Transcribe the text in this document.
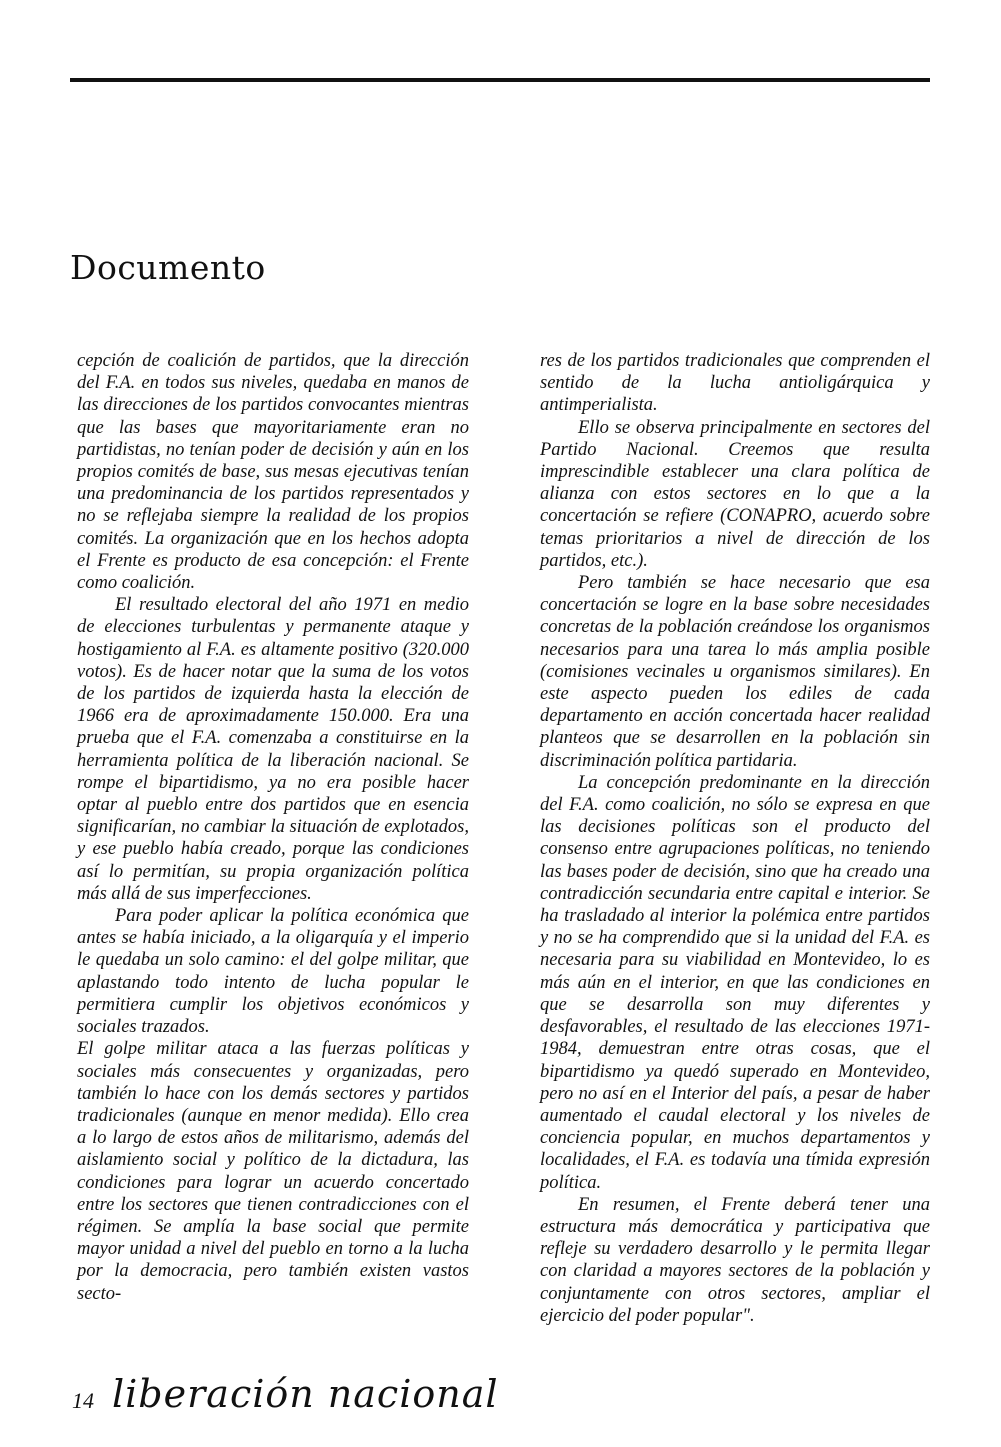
Documento

cepción de coalición de partidos, que la dirección del F.A. en todos sus niveles, quedaba en manos de las direcciones de los partidos convocantes mientras que las bases que mayoritariamente eran no partidistas, no tenían poder de decisión y aún en los propios comités de base, sus mesas ejecutivas tenían una predominancia de los partidos representados y no se reflejaba siempre la realidad de los propios comités. La organización que en los hechos adopta el Frente es producto de esa concepción: el Frente como coalición.

El resultado electoral del año 1971 en medio de elecciones turbulentas y permanente ataque y hostigamiento al F.A. es altamente positivo (320.000 votos). Es de hacer notar que la suma de los votos de los partidos de izquierda hasta la elección de 1966 era de aproximadamente 150.000. Era una prueba que el F.A. comenzaba a constituirse en la herramienta política de la liberación nacional. Se rompe el bipartidismo, ya no era posible hacer optar al pueblo entre dos partidos que en esencia significarían, no cambiar la situación de explotados, y ese pueblo había creado, porque las condiciones así lo permitían, su propia organización política más allá de sus imperfecciones.

Para poder aplicar la política económica que antes se había iniciado, a la oligarquía y el imperio le quedaba un solo camino: el del golpe militar, que aplastando todo intento de lucha popular le permitiera cumplir los objetivos económicos y sociales trazados.

El golpe militar ataca a las fuerzas políticas y sociales más consecuentes y organizadas, pero también lo hace con los demás sectores y partidos tradicionales (aunque en menor medida). Ello crea a lo largo de estos años de militarismo, además del aislamiento social y político de la dictadura, las condiciones para lograr un acuerdo concertado entre los sectores que tienen contradicciones con el régimen. Se amplía la base social que permite mayor unidad a nivel del pueblo en torno a la lucha por la democracia, pero también existen vastos secto-

res de los partidos tradicionales que comprenden el sentido de la lucha antioligárquica y antimperialista.

Ello se observa principalmente en sectores del Partido Nacional. Creemos que resulta imprescindible establecer una clara política de alianza con estos sectores en lo que a la concertación se refiere (CONAPRO, acuerdo sobre temas prioritarios a nivel de dirección de los partidos, etc.).

Pero también se hace necesario que esa concertación se logre en la base sobre necesidades concretas de la población creándose los organismos necesarios para una tarea lo más amplia posible (comisiones vecinales u organismos similares). En este aspecto pueden los ediles de cada departamento en acción concertada hacer realidad planteos que se desarrollen en la población sin discriminación política partidaria.

La concepción predominante en la dirección del F.A. como coalición, no sólo se expresa en que las decisiones políticas son el producto del consenso entre agrupaciones políticas, no teniendo las bases poder de decisión, sino que ha creado una contradicción secundaria entre capital e interior. Se ha trasladado al interior la polémica entre partidos y no se ha comprendido que si la unidad del F.A. es necesaria para su viabilidad en Montevideo, lo es más aún en el interior, en que las condiciones en que se desarrolla son muy diferentes y desfavorables, el resultado de las elecciones 1971-1984, demuestran entre otras cosas, que el bipartidismo ya quedó superado en Montevideo, pero no así en el Interior del país, a pesar de haber aumentado el caudal electoral y los niveles de conciencia popular, en muchos departamentos y localidades, el F.A. es todavía una tímida expresión política.

En resumen, el Frente deberá tener una estructura más democrática y participativa que refleje su verdadero desarrollo y le permita llegar con claridad a mayores sectores de la población y conjuntamente con otros sectores, ampliar el ejercicio del poder popular".

14 liberación nacional
